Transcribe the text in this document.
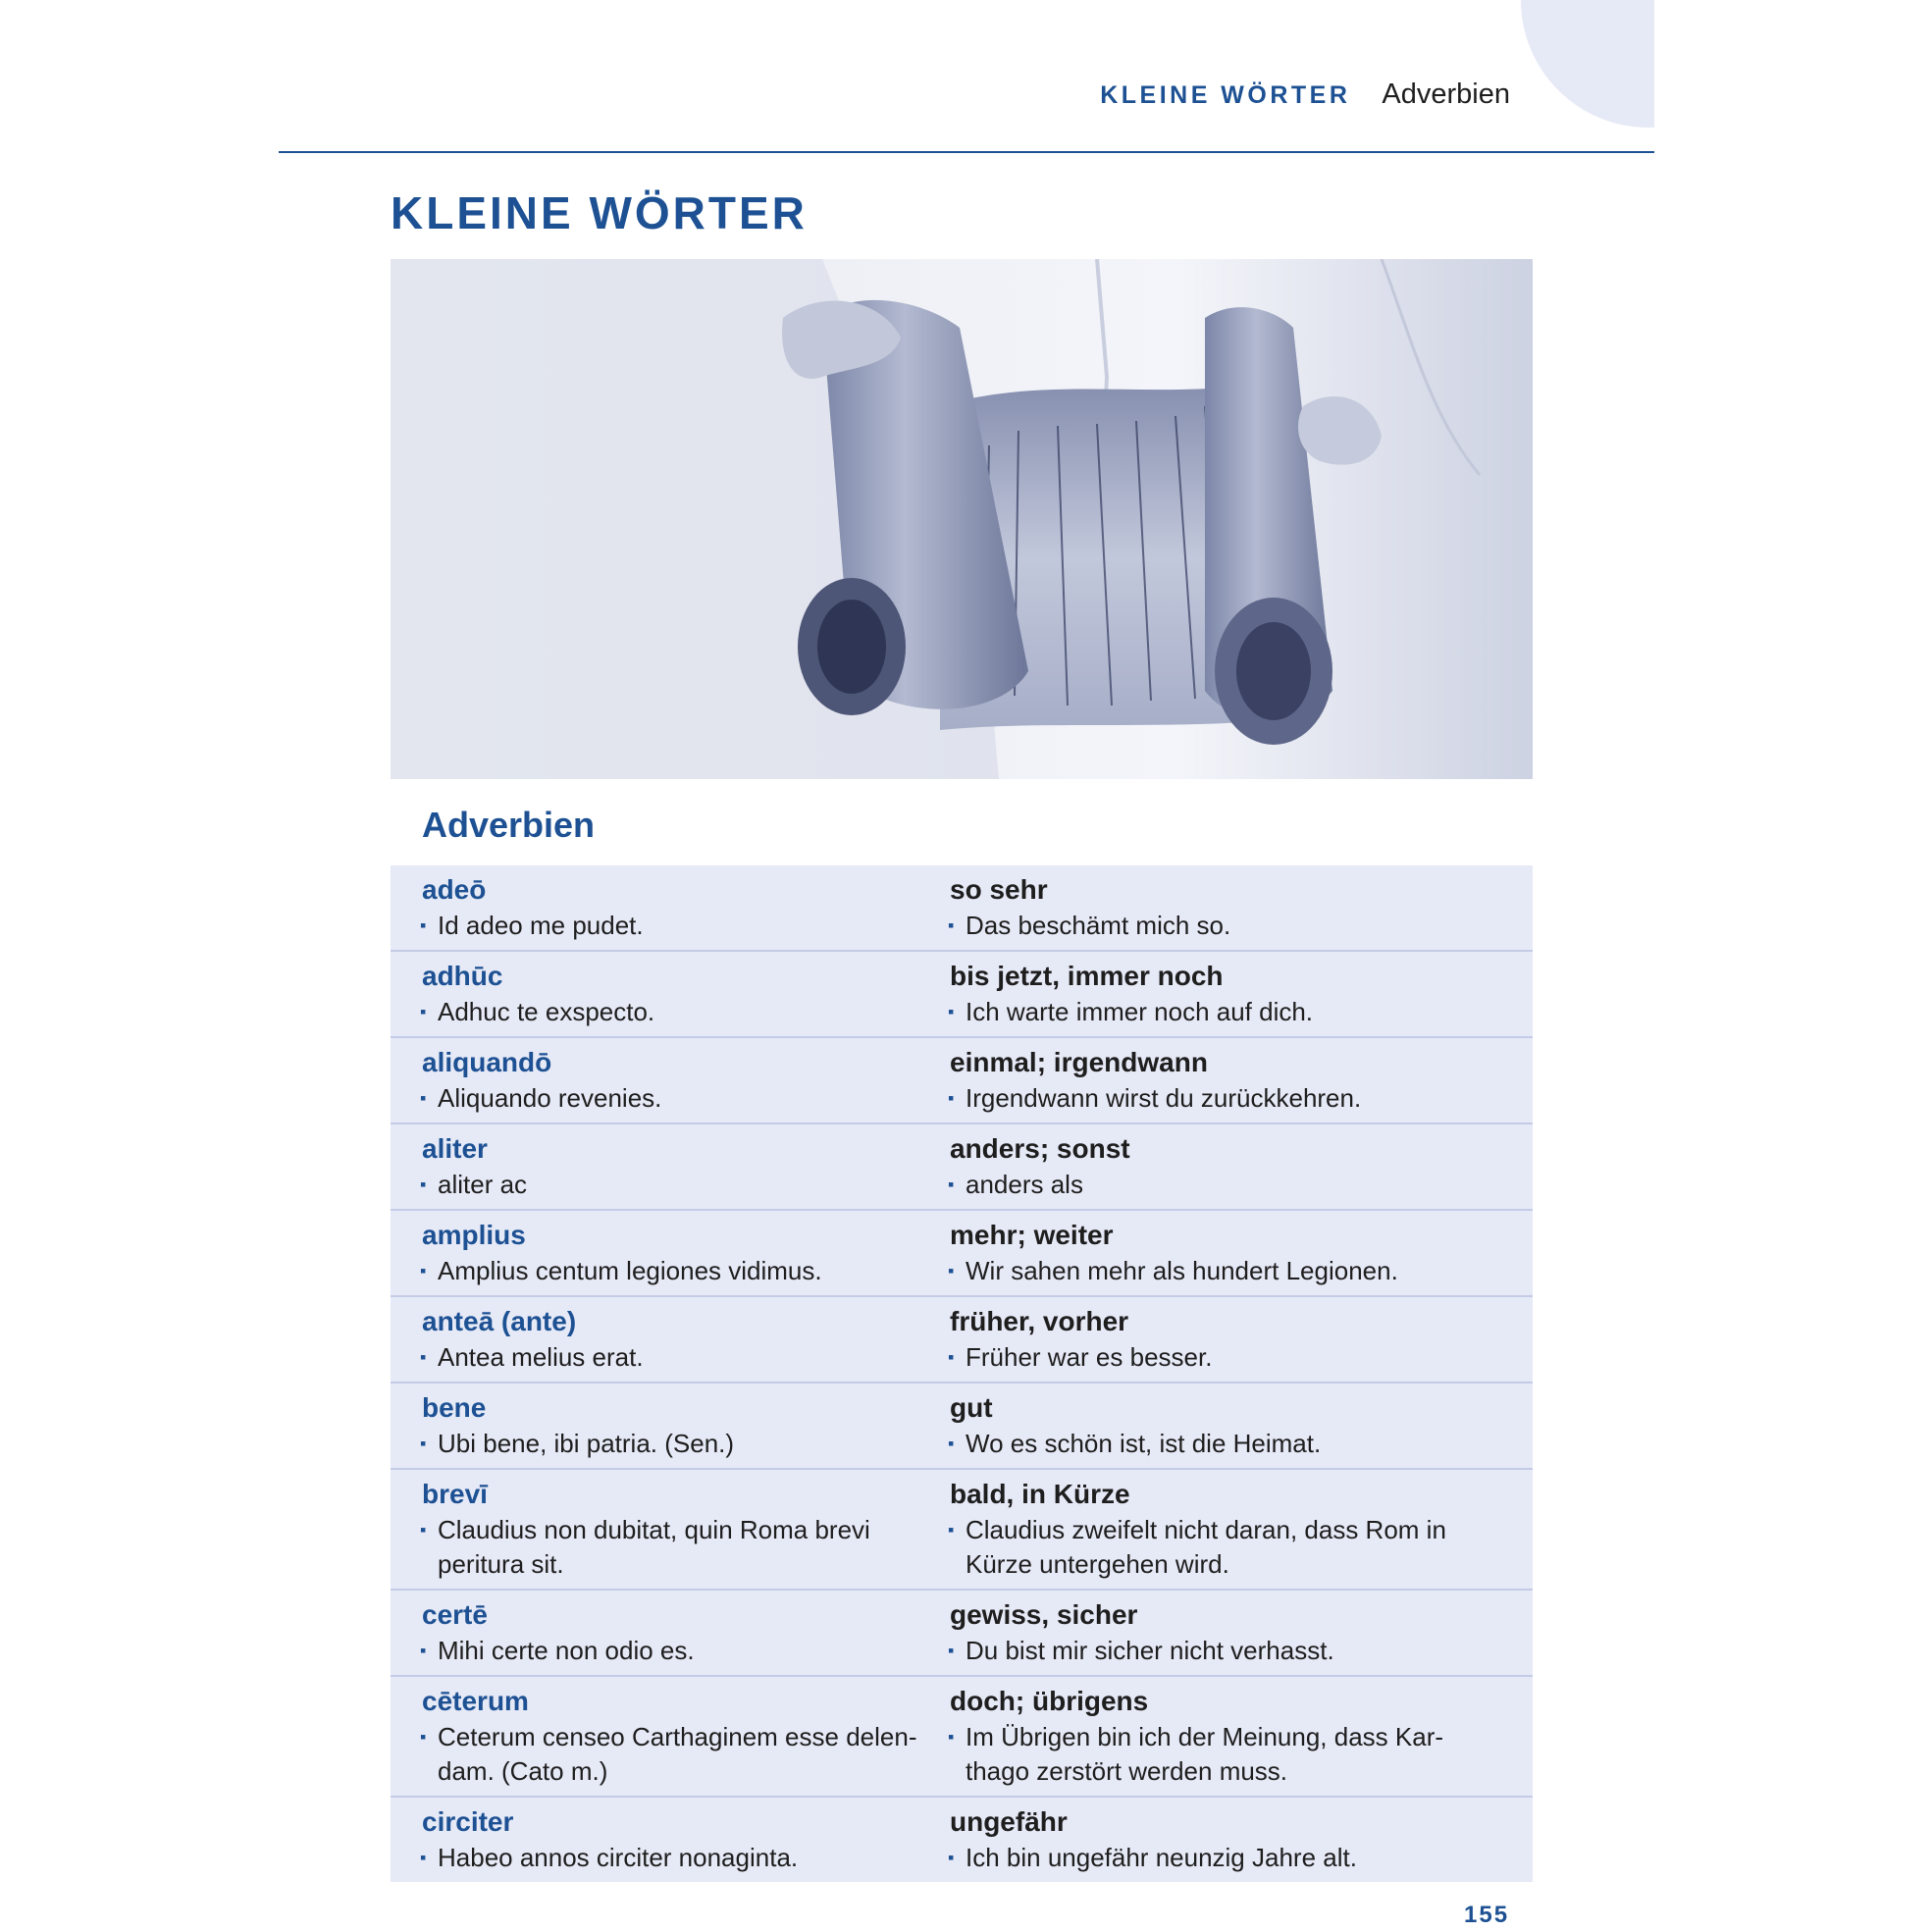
KLEINE WÖRTER Adverbien
KLEINE WÖRTER
Adverbien
adeō
▪ Id adeo me pudet.
so sehr
▪ Das beschämt mich so.
adhūc
▪ Adhuc te exspecto.
bis jetzt, immer noch
▪ Ich warte immer noch auf dich.
aliquandō
▪ Aliquando revenies.
einmal; irgendwann
▪ Irgendwann wirst du zurückkehren.
aliter
▪ aliter ac
anders; sonst
▪ anders als
amplius
▪ Amplius centum legiones vidimus.
mehr; weiter
▪ Wir sahen mehr als hundert Legionen.
anteā (ante)
▪ Antea melius erat.
früher, vorher
▪ Früher war es besser.
bene
▪ Ubi bene, ibi patria. (Sen.)
gut
▪ Wo es schön ist, ist die Heimat.
brevī
▪ Claudius non dubitat, quin Roma brevi peritura sit.
bald, in Kürze
▪ Claudius zweifelt nicht daran, dass Rom in Kürze untergehen wird.
certē
▪ Mihi certe non odio es.
gewiss, sicher
▪ Du bist mir sicher nicht verhasst.
cēterum
▪ Ceterum censeo Carthaginem esse delen- dam. (Cato m.)
doch; übrigens
▪ Im Übrigen bin ich der Meinung, dass Kar- thago zerstört werden muss.
circiter
▪ Habeo annos circiter nonaginta.
ungefähr
▪ Ich bin ungefähr neunzig Jahre alt.
155
